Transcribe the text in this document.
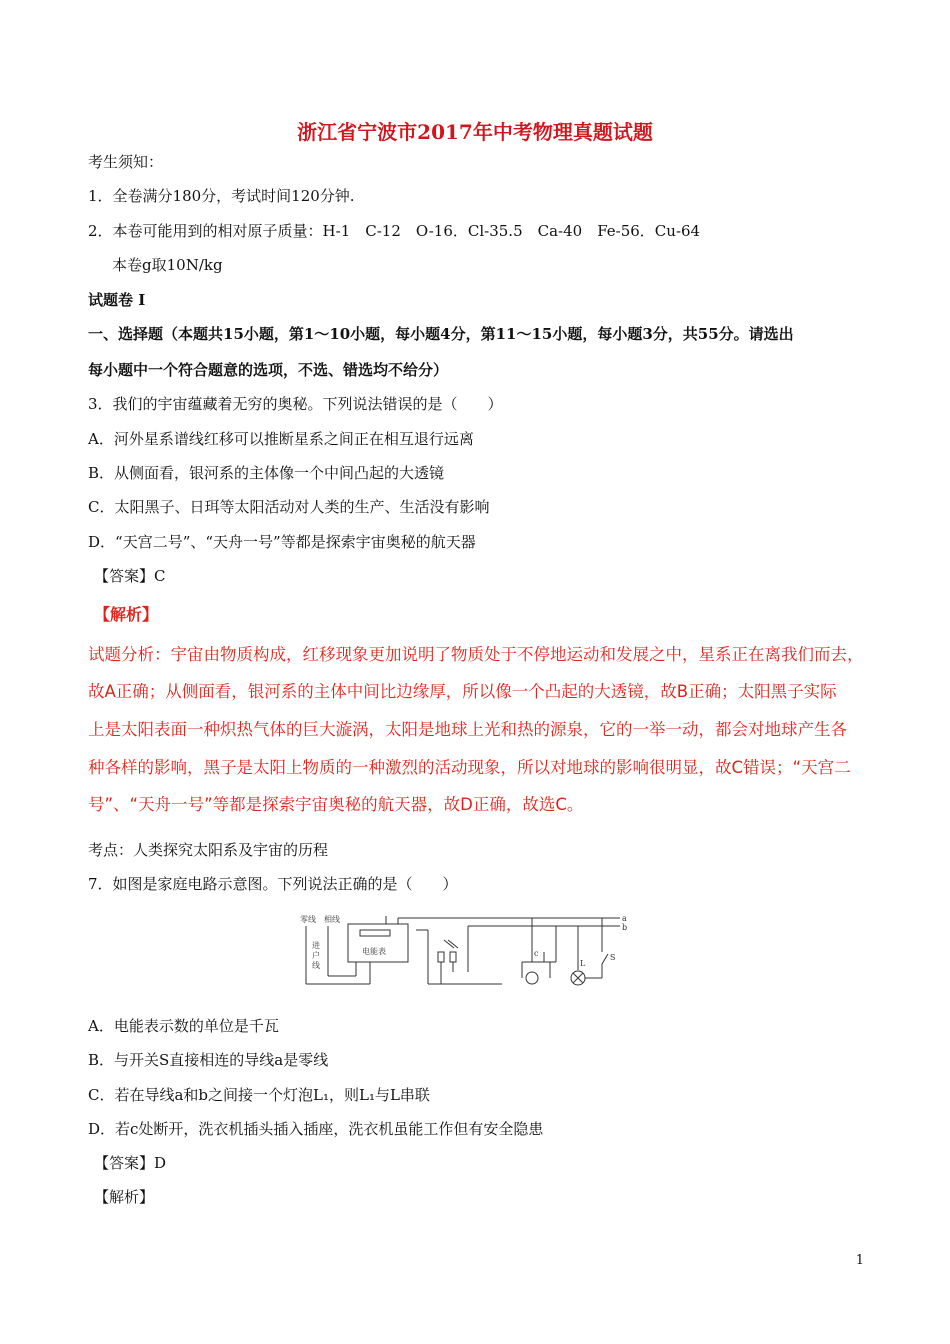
浙江省宁波市2017年中考物理真题试题
考生须知：
1．全卷满分180分，考试时间120分钟.
2．本卷可能用到的相对原子质量：H-1　C-12　O-16．Cl-35.5　Ca-40　Fe-56．Cu-64
本卷g取10N/kg
试题卷 I
一、选择题（本题共15小题，第1～10小题，每小题4分，第11～15小题，每小题3分，共55分。请选出
每小题中一个符合题意的选项，不选、错选均不给分）
3．我们的宇宙蕴藏着无穷的奥秘。下列说法错误的是（　　）
A．河外星系谱线红移可以推断星系之间正在相互退行远离
B．从侧面看，银河系的主体像一个中间凸起的大透镜
C．太阳黑子、日珥等太阳活动对人类的生产、生活没有影响
D．“天宫二号”、“天舟一号”等都是探索宇宙奥秘的航天器
【答案】C
【解析】
试题分析：宇宙由物质构成，红移现象更加说明了物质处于不停地运动和发展之中，星系正在离我们而去，
故A正确；从侧面看，银河系的主体中间比边缘厚，所以像一个凸起的大透镜，故B正确；太阳黑子实际
上是太阳表面一种炽热气体的巨大漩涡，太阳是地球上光和热的源泉，它的一举一动，都会对地球产生各
种各样的影响，黑子是太阳上物质的一种激烈的活动现象，所以对地球的影响很明显，故C错误；“天宫二
号”、“天舟一号”等都是探索宇宙奥秘的航天器，故D正确，故选C。
考点：人类探究太阳系及宇宙的历程
7．如图是家庭电路示意图。下列说法正确的是（　　）
零线 相线
进
户
线
电能表
a
b
c
L
S
A．电能表示数的单位是千瓦
B．与开关S直接相连的导线a是零线
C．若在导线a和b之间接一个灯泡L₁，则L₁与L串联
D．若c处断开，洗衣机插头插入插座，洗衣机虽能工作但有安全隐患
【答案】D
【解析】
1
